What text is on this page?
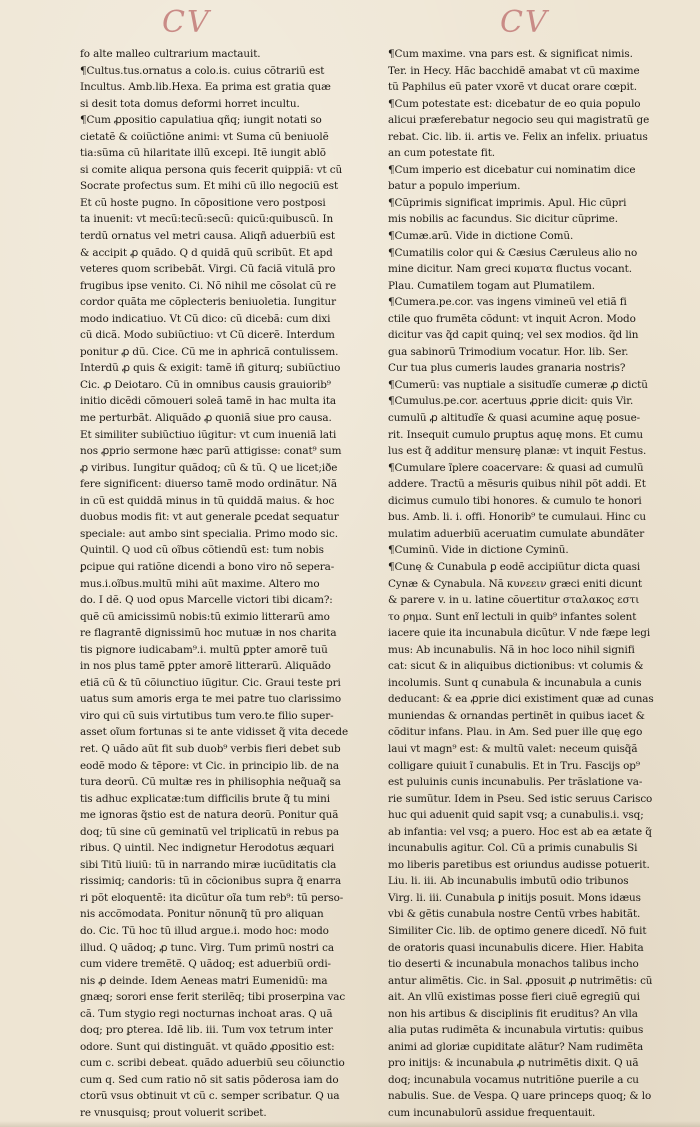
CV	CV
fo alte malleo cultrarium mactauit.
¶Cultus.tus.ornatus a colo.is. cuius cõtrariũ est
Incultus. Amb.lib.Hexa. Ea prima est gratia quæ
si desit tota domus deformi horret incultu.
¶Cum ꝓpositio capulatiua qñq; iungit notati so
cietatẽ & coiũctiõne animi: vt Suma cũ beniuolẽ
tia:sũma cũ hilaritate illũ excepi. Itẽ iungit ablõ
si comite aliqua persona quis fecerit quippiã: vt cũ
Socrate profectus sum. Et mihi cũ illo negociũ est
Et cũ hoste pugno. In cõpositione vero postposi
ta inuenit: vt mecũ:tecũ:secũ: quicũ:quibuscũ. In
terdũ ornatus vel metri causa. Aliqñ aduerbiũ est
& accipit ꝓ quãdo. Q d quidã quũ scribũt. Et apd
veteres quom scribebãt. Virgi. Cũ faciã vitulã pro
frugibus ipse venito. Ci. Nõ nihil me cõsolat cũ re
cordor quãta me cõplecteris beniuoletia. Iungitur
modo indicatiuo. Vt Cũ dico: cũ dicebã: cum dixi
cũ dicã. Modo subiũctiuo: vt Cũ dicerẽ. Interdum
ponitur ꝓ dũ. Cice. Cũ me in aphricã contulissem.
Interdũ ꝓ quis & exigit: tamẽ iñ giturq; subiũctiuo
Cic. ꝓ Deiotaro. Cũ in omnibus causis grauiorib⁹
initio dicẽdi cõmoueri soleã tamẽ in hac multa ita
me perturbãt. Aliquãdo ꝓ quoniã siue pro causa.
Et similiter subiũctiuo iũgitur: vt cum inueniã lati
nos ꝓprio sermone hæc parũ attigisse: conat⁹ sum
ꝓ viribus. Iungitur quãdoq; cũ & tũ. Q ue licet;iðe
fere significent: diuerso tamẽ modo ordinãtur. Nã
in cũ est quiddã minus in tũ quiddã maius. & hoc
duobus modis fit: vt aut generale ꝑcedat sequatur
speciale: aut ambo sint specialia. Primo modo sic.
Quintil. Q uod cũ oĩbus cõtiendũ est: tum nobis
ꝑcipue qui ratiõne dicendi a bono viro nõ sepera-
mus.i.oĩbus.multũ mihi aũt maxime. Altero mo
do. I dẽ. Q uod opus Marcelle victori tibi dicam?:
quẽ cũ amicissimũ nobis:tũ eximio litterarũ amo
re flagrantẽ dignissimũ hoc mutuæ in nos charita
tis pignore iudicabam⁹.i. multũ ꝑpter amorẽ tuũ
in nos plus tamẽ ꝑpter amorẽ litterarũ. Aliquãdo
etiã cũ & tũ cõiunctiuo iũgitur. Cic. Graui teste pri
uatus sum amoris erga te mei patre tuo clarissimo
viro qui cũ suis virtutibus tum vero.te filio super-
asset oĩum fortunas si te ante vidisset q̃ vita decede
ret. Q uãdo aũt fit sub duob⁹ verbis fieri debet sub
eodẽ modo & tẽpore: vt Cic. in principio lib. de na
tura deorũ. Cũ multæ res in philisophia neq̃uaq̃ sa
tis adhuc explicatæ:tum difficilis brute q̃ tu mini
me ignoras q̃stio est de natura deorũ. Ponitur quã
doq; tũ sine cũ geminatũ vel triplicatũ in rebus pa
ribus. Q uintil. Nec indignetur Herodotus æquari
sibi Titũ liuiũ: tũ in narrando miræ iucũditatis cla
rissimiq; candoris: tũ in cõcionibus supra q̃ enarra
ri põt eloquentẽ: ita dicũtur oĩa tum reb⁹: tũ perso-
nis accõmodata. Ponitur nõnunq̃ tũ pro aliquan
do. Cic. Tũ hoc tũ illud argue.i. modo hoc: modo
illud. Q uãdoq; ꝓ tunc. Virg. Tum primũ nostri ca
cum videre tremẽtẽ. Q uãdoq; est aduerbiũ ordi-
nis ꝓ deinde. Idem Aeneas matri Eumenidũ: ma
gnæq; sorori ense ferit sterilẽq; tibi proserpina vac
cã. Tum stygio regi nocturnas inchoat aras. Q uã
doq; pro ꝑterea. Idẽ lib. iii. Tum vox tetrum inter
odore. Sunt qui distinguãt. vt quãdo ꝓpositio est:
cum c. scribi debeat. quãdo aduerbiũ seu cõiunctio
cum q. Sed cum ratio nõ sit satis põderosa iam do
ctorũ vsus obtinuit vt cũ c. semper scribatur. Q ua
re vnusquisq; prout voluerit scribet.
¶Cum maxime. vna pars est. & significat nimis.
Ter. in Hecy. Hãc bacchidẽ amabat vt cũ maxime
tũ Paphilus eũ pater vxorẽ vt ducat orare cœpit.
¶Cum potestate est: dicebatur de eo quia populo
alicui præferebatur negocio seu qui magistratũ ge
rebat. Cic. lib. ii. artis ve. Felix an infelix. priuatus
an cum potestate fit.
¶Cum imperio est dicebatur cui nominatim dice
batur a populo imperium.
¶Cũprimis significat imprimis. Apul. Hic cũpri
mis nobilis ac facundus. Sic dicitur cũprime.
¶Cumæ.arũ. Vide in dictione Comũ.
¶Cumatilis color qui & Cæsius Cæruleus alio no
mine dicitur. Nam greci κυματα fluctus vocant.
Plau. Cumatilem togam aut Plumatilem.
¶Cumera.pe.cor. vas ingens vimineũ vel etiã fi
ctile quo frumẽta cõdunt: vt inquit Acron. Modo
dicitur vas q̃d capit quinq; vel sex modios. q̃d lin
gua sabinorũ Trimodium vocatur. Hor. lib. Ser.
Cur tua plus cumeris laudes granaria nostris?
¶Cumerũ: vas nuptiale a sisitudĩe cumeræ ꝓ dictũ
¶Cumulus.pe.cor. acertuus ꝓprie dicit: quis Vir.
cumulũ ꝓ altitudĩe & quasi acumine aquę posue-
rit. Insequit cumulo ꝑruptus aquę mons. Et cumu
lus est q̃ additur mensurę planæ: vt inquit Festus.
¶Cumulare ĩplere coacervare: & quasi ad cumulũ
addere. Tractũ a mẽsuris quibus nihil põt addi. Et
dicimus cumulo tibi honores. & cumulo te honori
bus. Amb. li. i. offi. Honorib⁹ te cumulaui. Hinc cu
mulatim aduerbiũ aceruatim cumulate abundãter
¶Cuminũ. Vide in dictione Cyminũ.
¶Cunę & Cunabula ꝑ eodẽ accipiũtur dicta quasi
Cynæ & Cynabula. Nã κυνεειν græci eniti dicunt
& parere v. in u. latine cõuertitur σταλακος εστι
το ρημα. Sunt enĩ lectuli in quib⁹ infantes solent
iacere quie ita incunabula dicũtur. V nde fæpe legi
mus: Ab incunabulis. Nã in hoc loco nihil signifi
cat: sicut & in aliquibus dictionibus: vt columis &
incolumis. Sunt q cunabula & incunabula a cunis
deducant: & ea ꝓprie dici existiment quæ ad cunas
muniendas & ornandas pertinẽt in quibus iacet &
cõditur infans. Plau. in Am. Sed puer ille quę ego
laui vt magn⁹ est: & multũ valet: neceum quisq̃ã
colligare quiuit ĩ cunabulis. Et in Tru. Fascijs op⁹
est puluinis cunis incunabulis. Per trãslatione va-
rie sumũtur. Idem in Pseu. Sed istic seruus Carisco
huc qui aduenit quid sapit vsq; a cunabulis.i. vsq;
ab infantia: vel vsq; a puero. Hoc est ab ea ætate q̃
incunabulis agitur. Col. Cũ a primis cunabulis Si
mo liberis paretibus est oriundus audisse potuerit.
Liu. li. iii. Ab incunabulis imbutũ odio tribunos
Virg. li. iii. Cunabula ꝑ initijs posuit. Mons idæus
vbi & gẽtis cunabula nostre Centũ vrbes habitãt.
Similiter Cic. lib. de optimo genere dicedĩ. Nõ fuit
de oratoris quasi incunabulis dicere. Hier. Habita
tio deserti & incunabula monachos talibus incho
antur alimẽtis. Cic. in Sal. ꝓposuit ꝓ nutrimẽtis: cũ
ait. An vllũ existimas posse fieri ciuẽ egregiũ qui
non his artibus & disciplinis fit eruditus? An vlla
alia putas rudimẽta & incunabula virtutis: quibus
animi ad gloriæ cupiditate alãtur? Nam rudimẽta
pro initijs: & incunabula ꝓ nutrimẽtis dixit. Q uã
doq; incunabula vocamus nutritiõne puerile a cu
nabulis. Sue. de Vespa. Q uare princeps quoq; & lo
cum incunabulorũ assidue frequentauit.
